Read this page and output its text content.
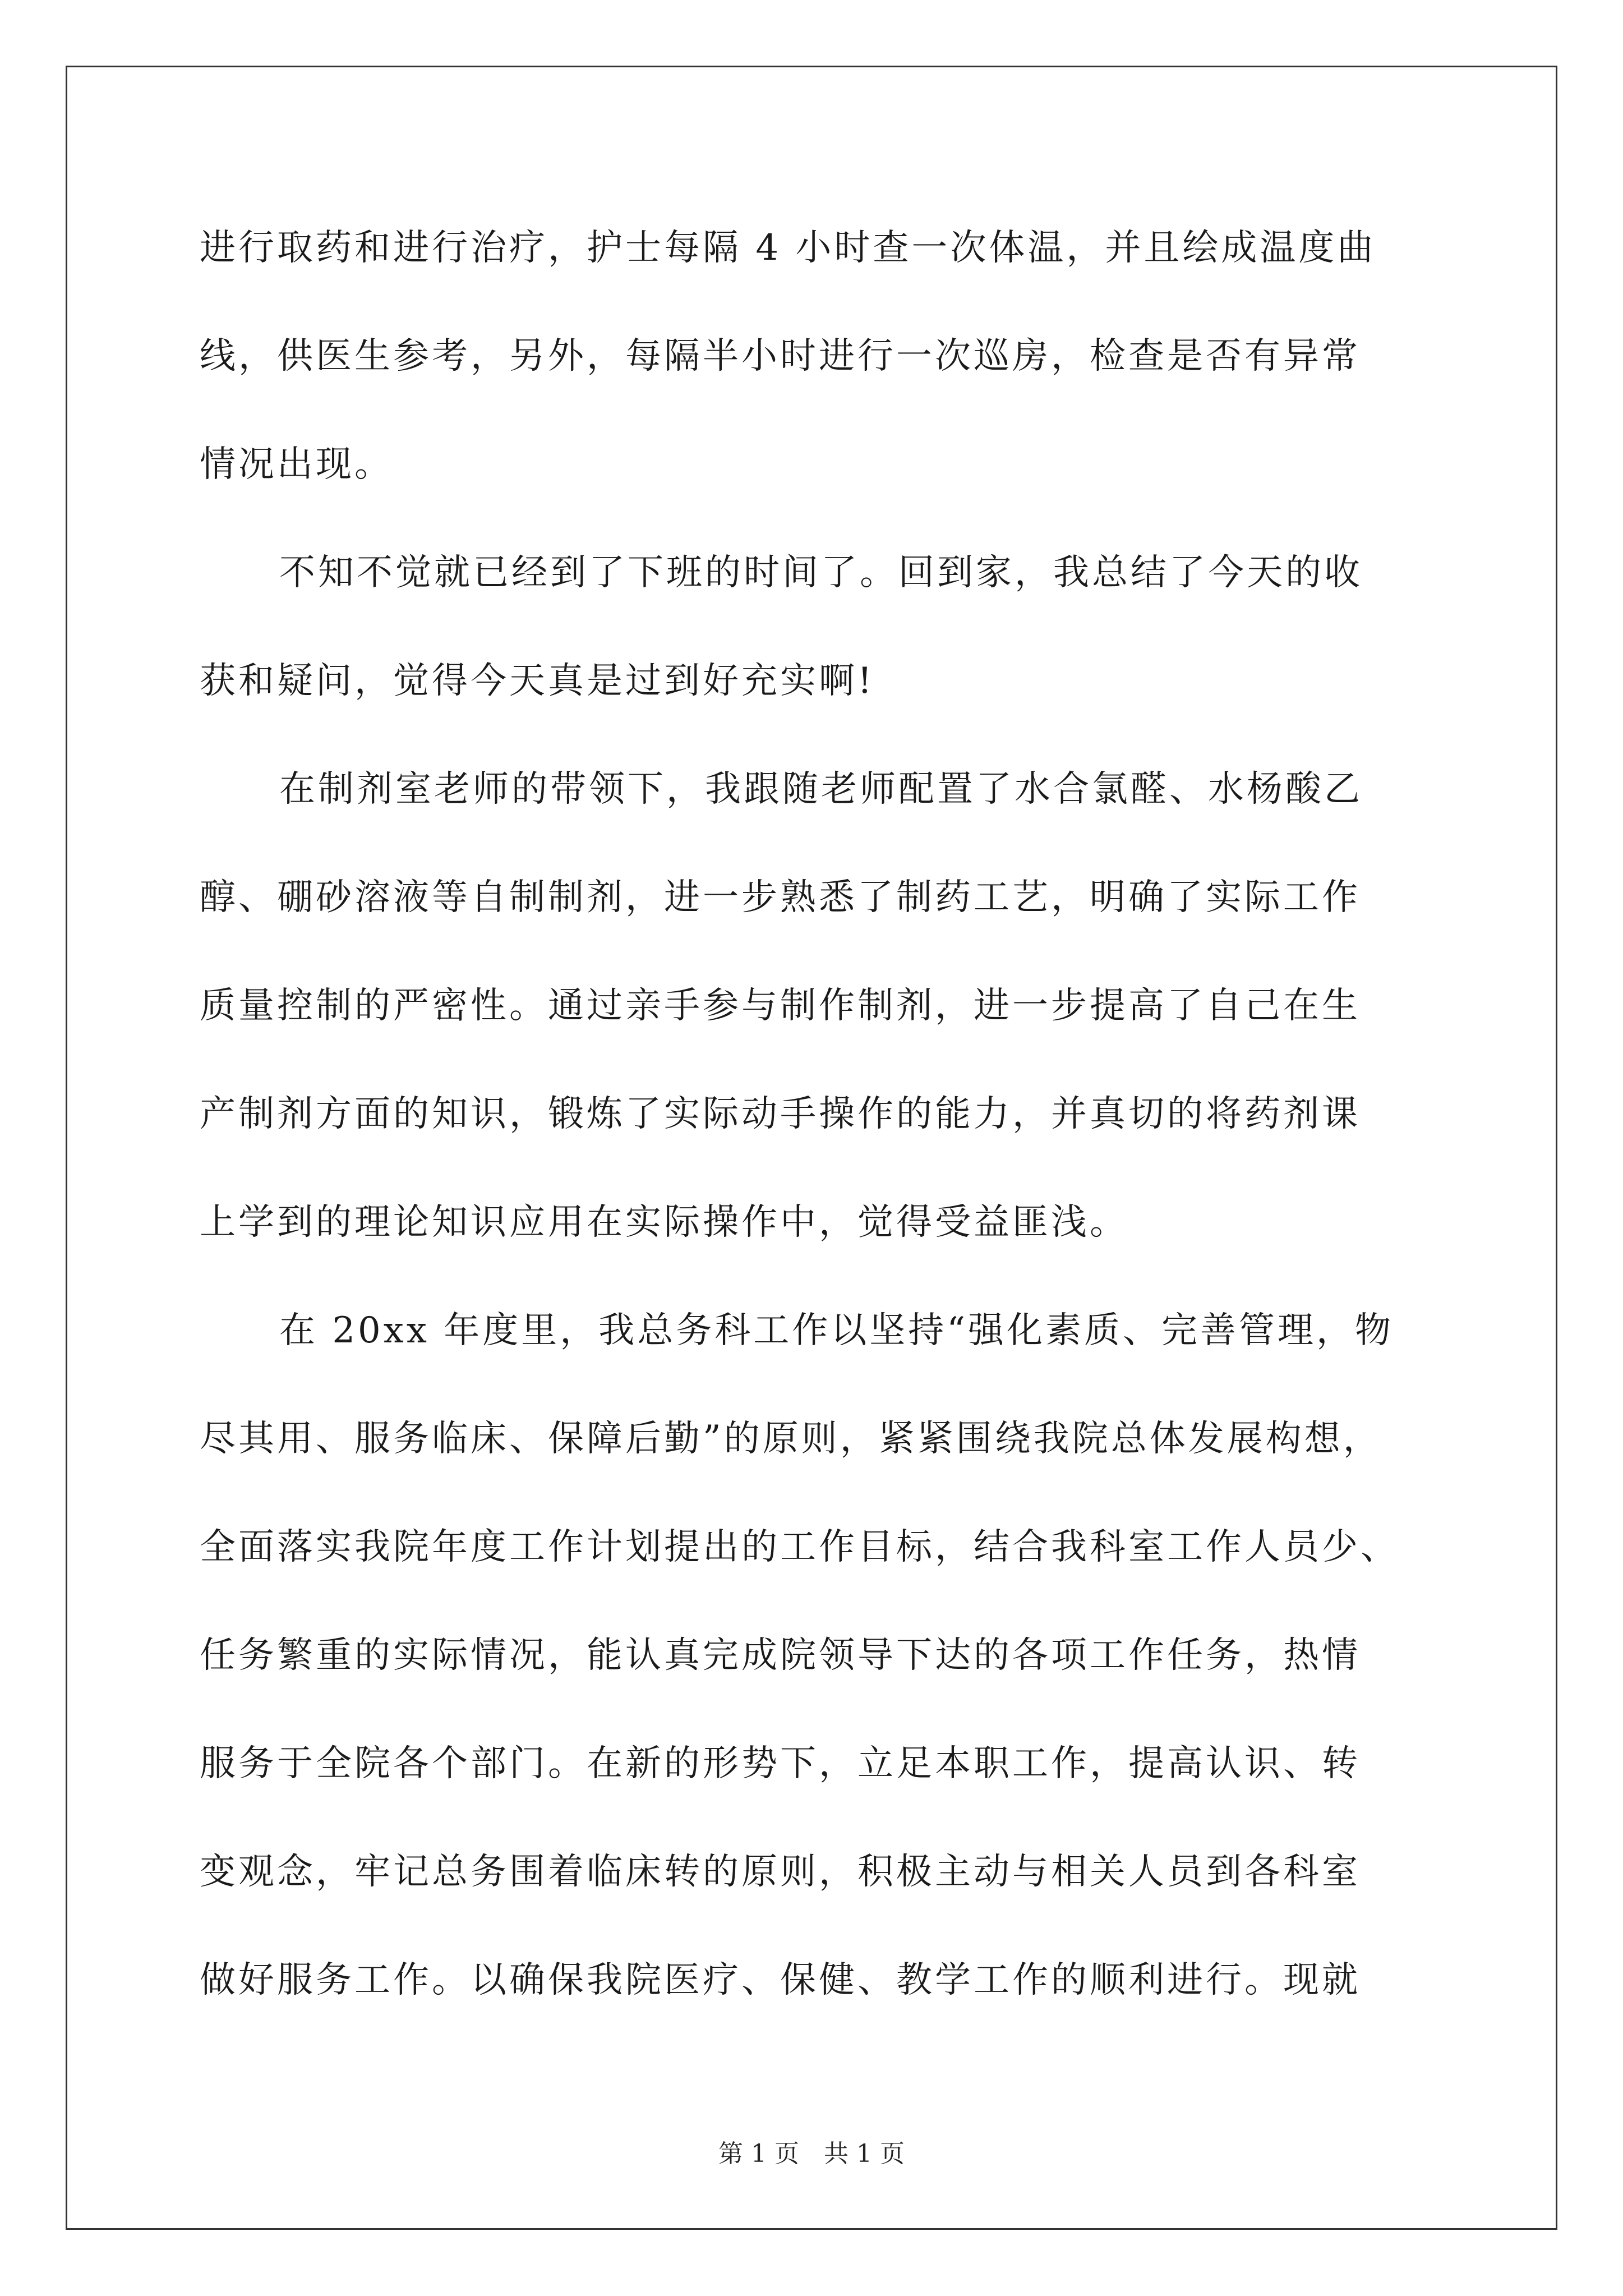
进行取药和进行治疗，护士每隔 4 小时查一次体温，并且绘成温度曲
线，供医生参考，另外，每隔半小时进行一次巡房，检查是否有异常
情况出现。
不知不觉就已经到了下班的时间了。回到家，我总结了今天的收
获和疑问，觉得今天真是过到好充实啊!
在制剂室老师的带领下，我跟随老师配置了水合氯醛、水杨酸乙
醇、硼砂溶液等自制制剂，进一步熟悉了制药工艺，明确了实际工作
质量控制的严密性。通过亲手参与制作制剂，进一步提高了自己在生
产制剂方面的知识，锻炼了实际动手操作的能力，并真切的将药剂课
上学到的理论知识应用在实际操作中，觉得受益匪浅。
在 20xx 年度里，我总务科工作以坚持“强化素质、完善管理，物
尽其用、服务临床、保障后勤”的原则，紧紧围绕我院总体发展构想，
全面落实我院年度工作计划提出的工作目标，结合我科室工作人员少、
任务繁重的实际情况，能认真完成院领导下达的各项工作任务，热情
服务于全院各个部门。在新的形势下，立足本职工作，提高认识、转
变观念，牢记总务围着临床转的原则，积极主动与相关人员到各科室
做好服务工作。以确保我院医疗、保健、教学工作的顺利进行。现就
第 1 页　共 1 页
